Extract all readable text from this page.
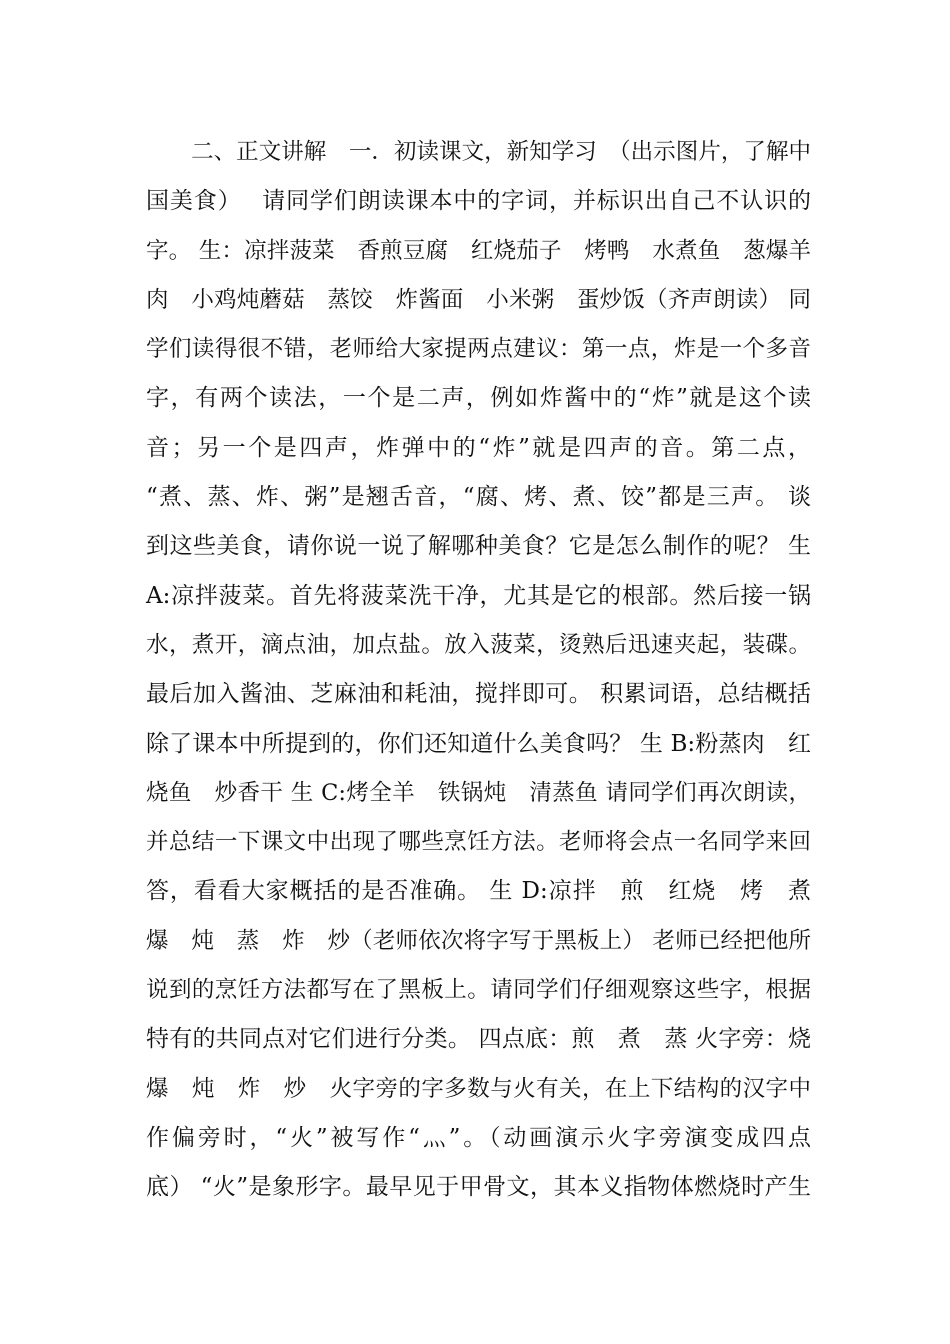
　　二、正文讲解　一．初读课文，新知学习　（出示图片，了解中
国美食）　 请同学们朗读课本中的字词，并标识出自己不认识的
字。 生：凉拌菠菜　香煎豆腐　红烧茄子　烤鸭　水煮鱼　葱爆羊
肉　小鸡炖蘑菇　蒸饺　炸酱面　小米粥　蛋炒饭（齐声朗读） 同
学们读得很不错，老师给大家提两点建议：第一点，炸是一个多音
字，有两个读法，一个是二声，例如炸酱中的“炸”就是这个读
音；另一个是四声，炸弹中的“炸”就是四声的音。第二点，
“煮、蒸、炸、粥”是翘舌音，“腐、烤、煮、饺”都是三声。 谈
到这些美食，请你说一说了解哪种美食？它是怎么制作的呢？ 生
A:凉拌菠菜。首先将菠菜洗干净，尤其是它的根部。然后接一锅
水，煮开，滴点油，加点盐。放入菠菜，烫熟后迅速夹起，装碟。
最后加入酱油、芝麻油和耗油，搅拌即可。 积累词语，总结概括
除了课本中所提到的，你们还知道什么美食吗？ 生 B:粉蒸肉　红
烧鱼　炒香干 生 C:烤全羊　铁锅炖　清蒸鱼 请同学们再次朗读，
并总结一下课文中出现了哪些烹饪方法。老师将会点一名同学来回
答，看看大家概括的是否准确。 生 D:凉拌　煎　红烧　烤　煮
爆　炖　蒸　炸　炒（老师依次将字写于黑板上） 老师已经把他所
说到的烹饪方法都写在了黑板上。请同学们仔细观察这些字，根据
特有的共同点对它们进行分类。 四点底：煎　煮　蒸 火字旁：烧
爆　炖　炸　炒　火字旁的字多数与火有关，在上下结构的汉字中
作偏旁时，“火”被写作“灬”。（动画演示火字旁演变成四点
底） “火”是象形字。最早见于甲骨文，其本义指物体燃烧时产生
